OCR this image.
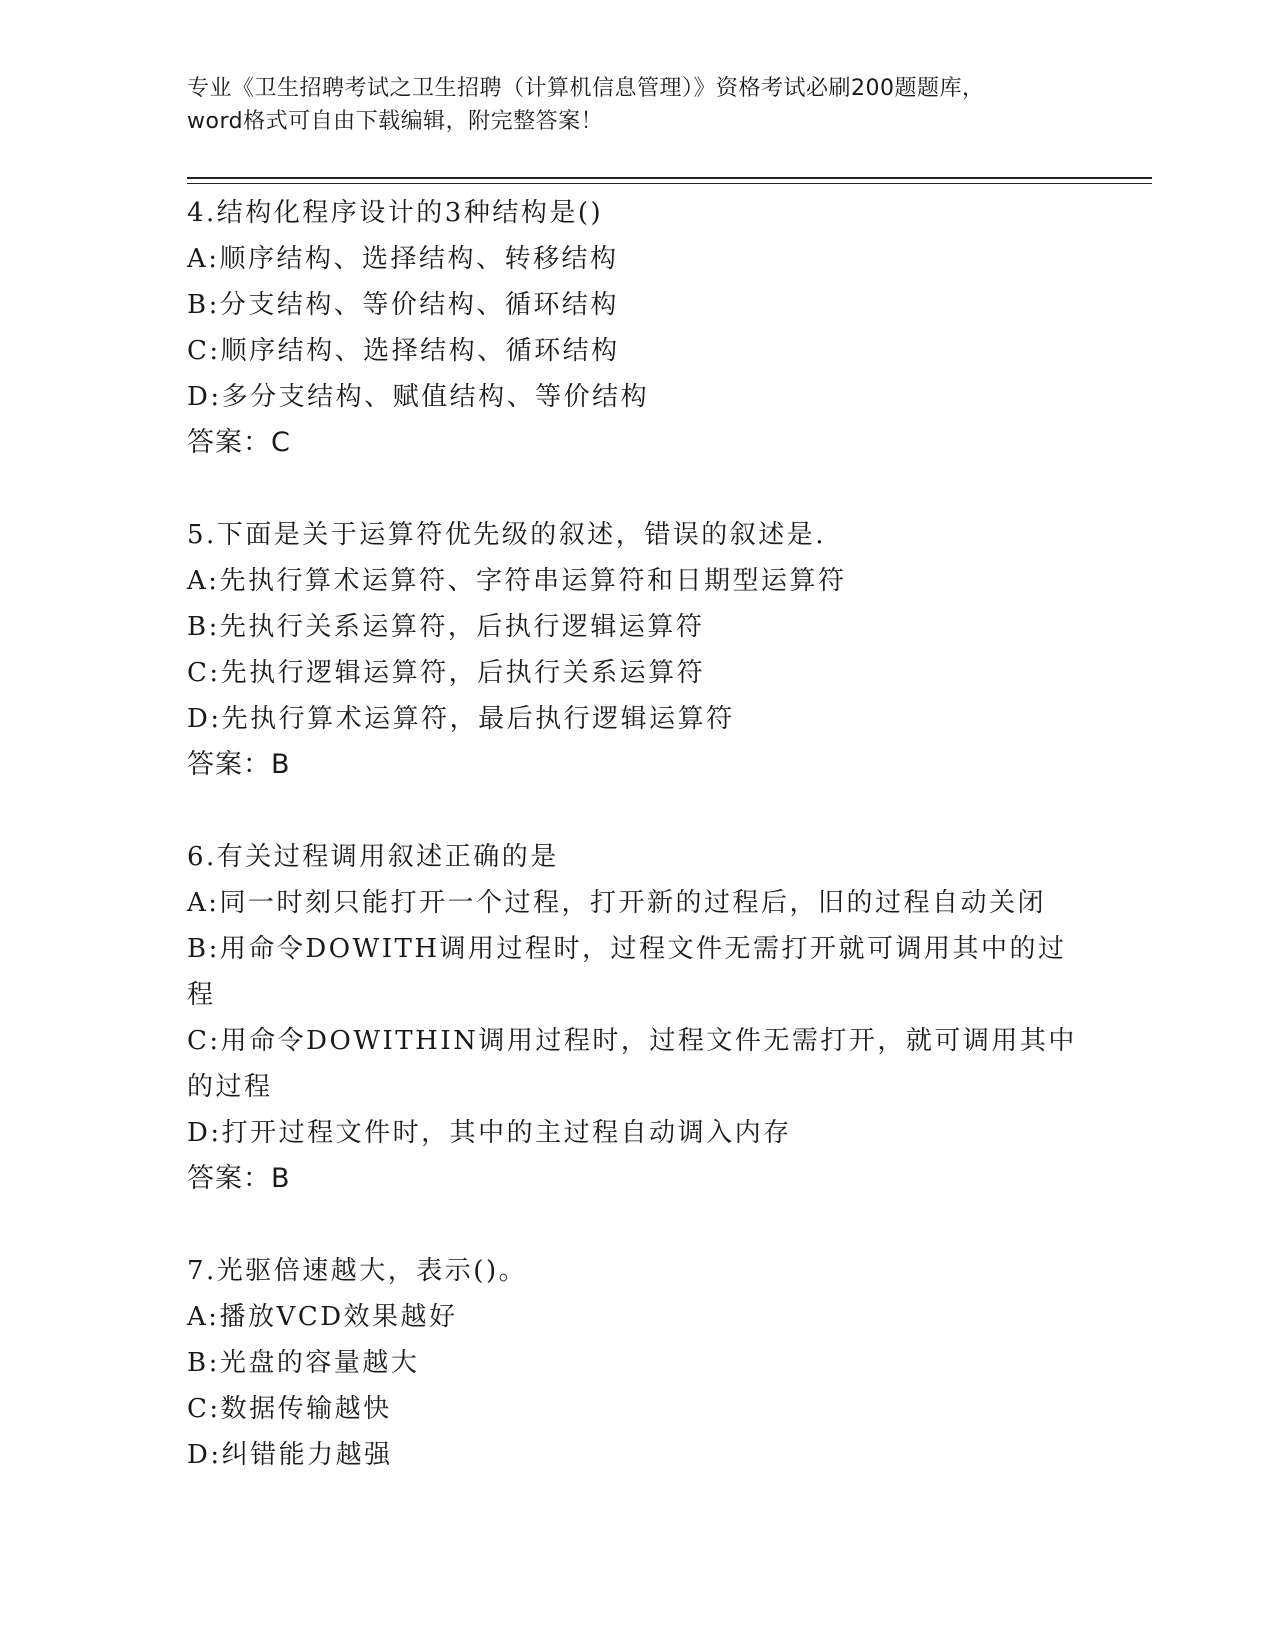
专业《卫生招聘考试之卫生招聘（计算机信息管理）》资格考试必刷200题题库，
word格式可自由下载编辑，附完整答案！
4.结构化程序设计的3种结构是()
A:顺序结构、选择结构、转移结构
B:分支结构、等价结构、循环结构
C:顺序结构、选择结构、循环结构
D:多分支结构、赋值结构、等价结构
答案：C
5.下面是关于运算符优先级的叙述，错误的叙述是.
A:先执行算术运算符、字符串运算符和日期型运算符
B:先执行关系运算符，后执行逻辑运算符
C:先执行逻辑运算符，后执行关系运算符
D:先执行算术运算符，最后执行逻辑运算符
答案：B
6.有关过程调用叙述正确的是
A:同一时刻只能打开一个过程，打开新的过程后，旧的过程自动关闭
B:用命令DOWITH调用过程时，过程文件无需打开就可调用其中的过
程
C:用命令DOWITHIN调用过程时，过程文件无需打开，就可调用其中
的过程
D:打开过程文件时，其中的主过程自动调入内存
答案：B
7.光驱倍速越大，表示()。
A:播放VCD效果越好
B:光盘的容量越大
C:数据传输越快
D:纠错能力越强
